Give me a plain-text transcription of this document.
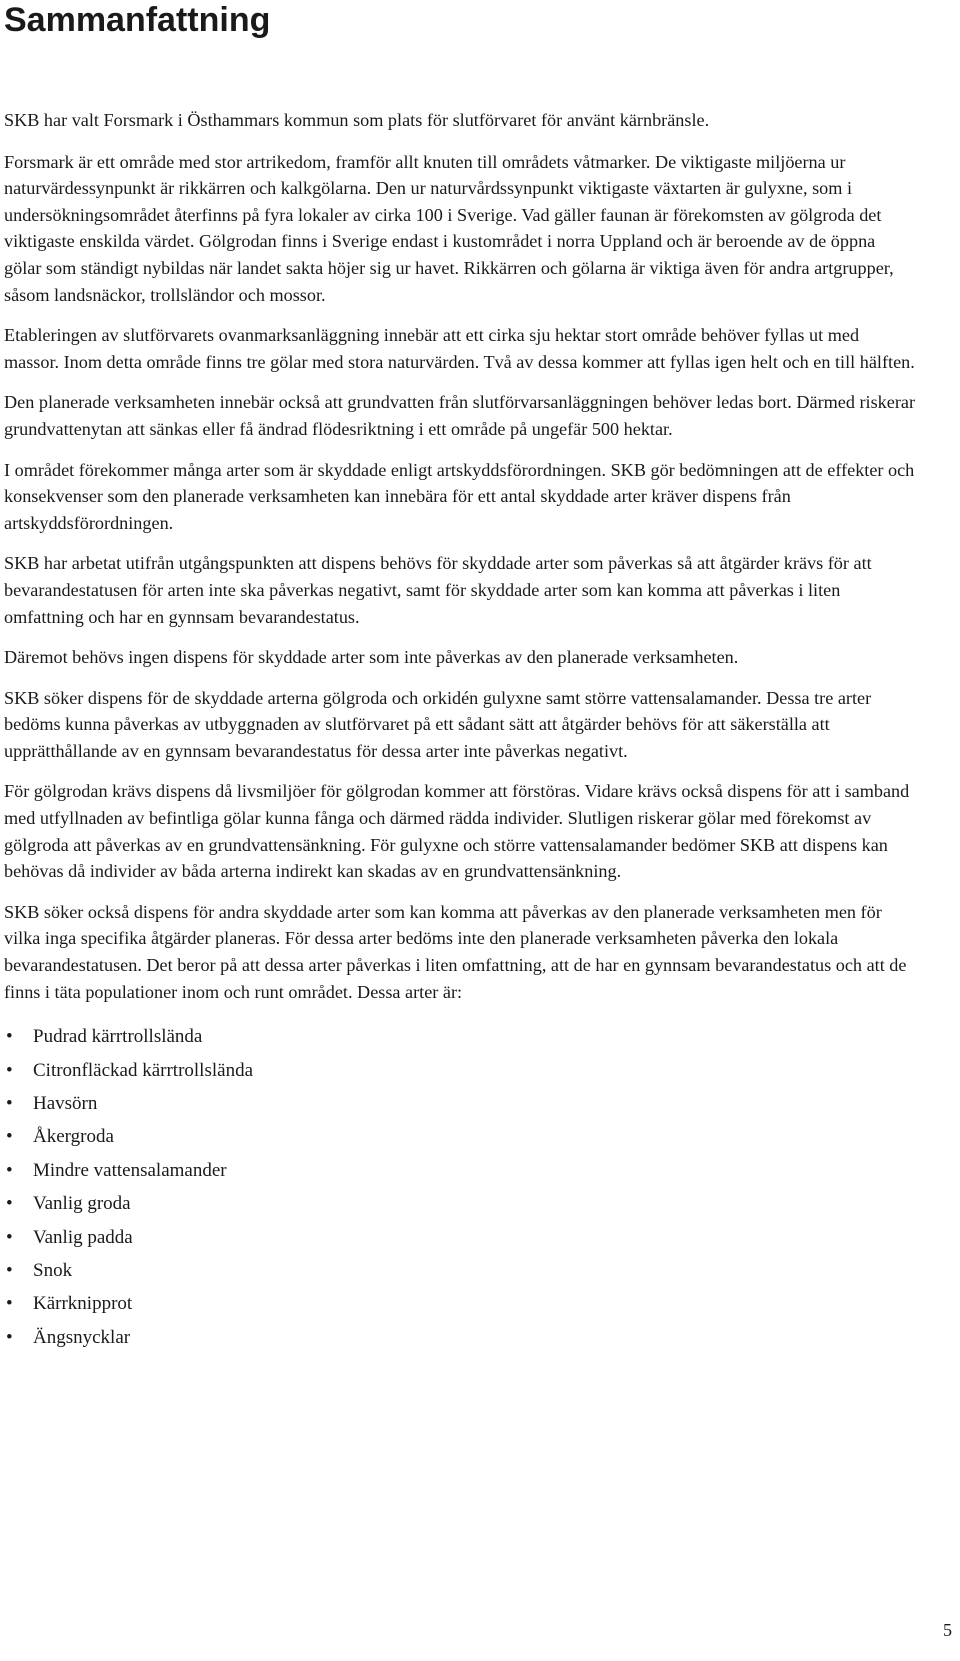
Sammanfattning

SKB har valt Forsmark i Östhammars kommun som plats för slutförvaret för använt kärnbränsle.

Forsmark är ett område med stor artrikedom, framför allt knuten till områdets våtmarker. De viktigaste miljöerna ur naturvärdessynpunkt är rikkärren och kalkgölarna. Den ur naturvårdssynpunkt viktigaste växtarten är gulyxne, som i undersökningsområdet återfinns på fyra lokaler av cirka 100 i Sverige. Vad gäller faunan är förekomsten av gölgroda det viktigaste enskilda värdet. Gölgrodan finns i Sverige endast i kustområdet i norra Uppland och är beroende av de öppna gölar som ständigt nybildas när landet sakta höjer sig ur havet. Rikkärren och gölarna är viktiga även för andra artgrupper, såsom landsnäckor, trollsländor och mossor.

Etableringen av slutförvarets ovanmarksanläggning innebär att ett cirka sju hektar stort område behöver fyllas ut med massor. Inom detta område finns tre gölar med stora naturvärden. Två av dessa kommer att fyllas igen helt och en till hälften.

Den planerade verksamheten innebär också att grundvatten från slutförvarsanläggningen behöver ledas bort. Därmed riskerar grundvattenytan att sänkas eller få ändrad flödesriktning i ett område på ungefär 500 hektar.

I området förekommer många arter som är skyddade enligt artskyddsförordningen. SKB gör bedömningen att de effekter och konsekvenser som den planerade verksamheten kan innebära för ett antal skyddade arter kräver dispens från artskyddsförordningen.

SKB har arbetat utifrån utgångspunkten att dispens behövs för skyddade arter som påverkas så att åtgärder krävs för att bevarandestatusen för arten inte ska påverkas negativt, samt för skyddade arter som kan komma att påverkas i liten omfattning och har en gynnsam bevarandestatus.

Däremot behövs ingen dispens för skyddade arter som inte påverkas av den planerade verksamheten.

SKB söker dispens för de skyddade arterna gölgroda och orkidén gulyxne samt större vattensalamander. Dessa tre arter bedöms kunna påverkas av utbyggnaden av slutförvaret på ett sådant sätt att åtgärder behövs för att säkerställa att upprätthållande av en gynnsam bevarandestatus för dessa arter inte påverkas negativt.

För gölgrodan krävs dispens då livsmiljöer för gölgrodan kommer att förstöras. Vidare krävs också dispens för att i samband med utfyllnaden av befintliga gölar kunna fånga och därmed rädda individer. Slutligen riskerar gölar med förekomst av gölgroda att påverkas av en grundvattensänkning. För gulyxne och större vattensalamander bedömer SKB att dispens kan behövas då individer av båda arterna indirekt kan skadas av en grundvattensänkning.

SKB söker också dispens för andra skyddade arter som kan komma att påverkas av den planerade verksamheten men för vilka inga specifika åtgärder planeras. För dessa arter bedöms inte den planerade verksamheten påverka den lokala bevarandestatusen. Det beror på att dessa arter påverkas i liten omfattning, att de har en gynnsam bevarandestatus och att de finns i täta populationer inom och runt området. Dessa arter är:

• Pudrad kärrtrollslända
• Citronfläckad kärrtrollslända
• Havsörn
• Åkergroda
• Mindre vattensalamander
• Vanlig groda
• Vanlig padda
• Snok
• Kärrknipprot
• Ängsnycklar
5
